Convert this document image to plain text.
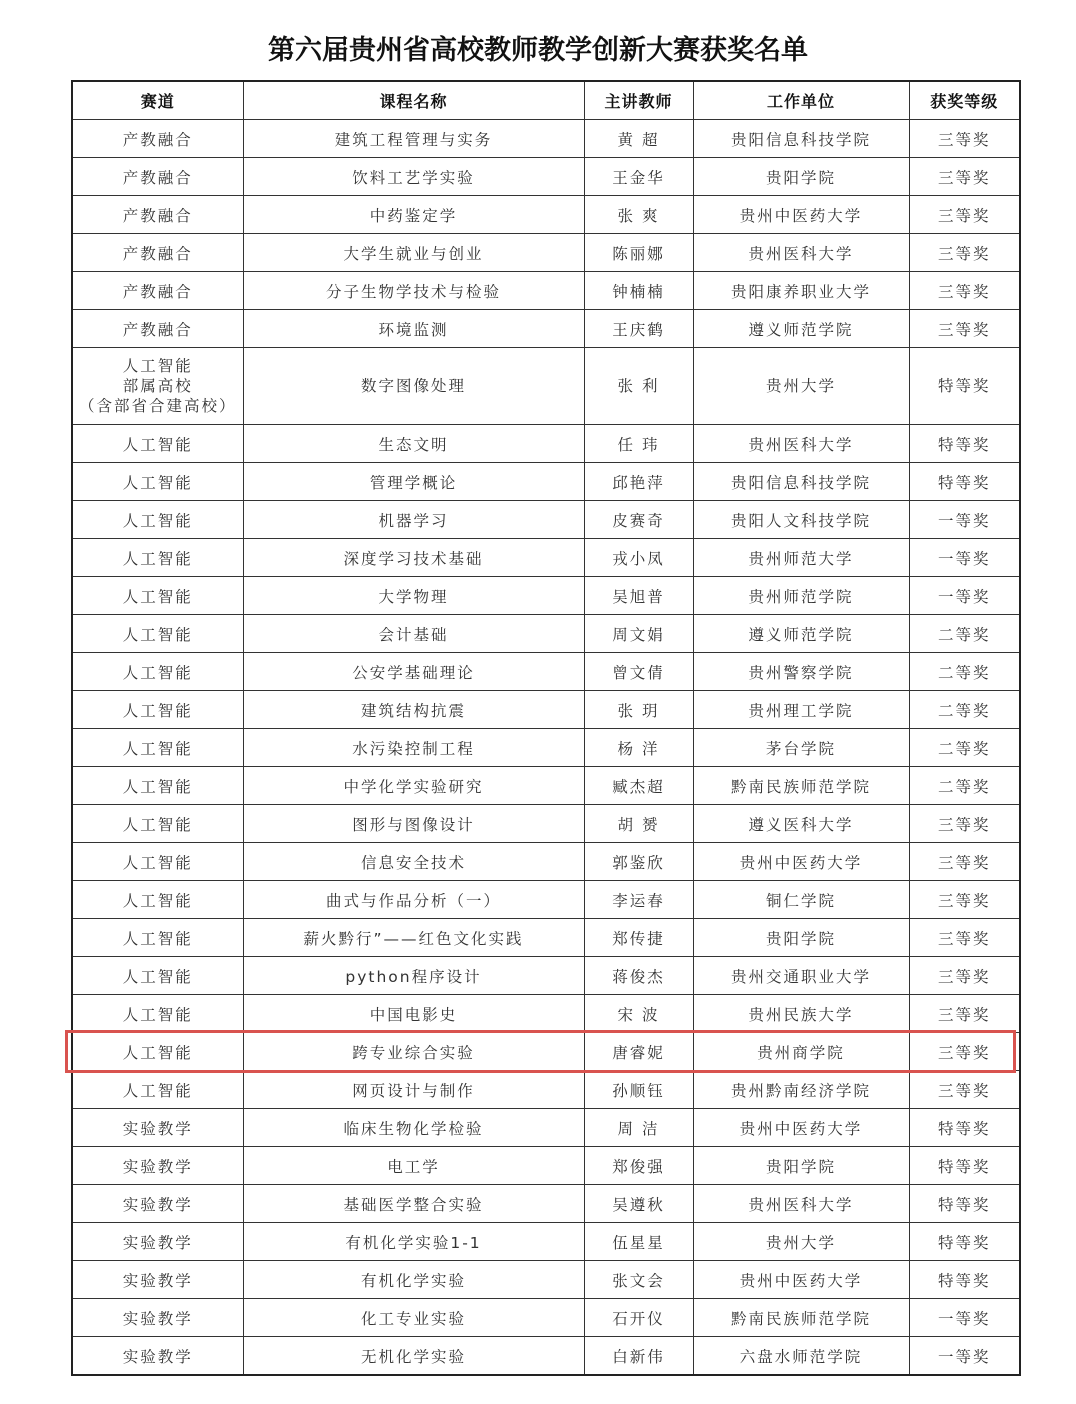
第六届贵州省高校教师教学创新大赛获奖名单
赛道	课程名称	主讲教师	工作单位	获奖等级
产教融合	建筑工程管理与实务	黄 超	贵阳信息科技学院	三等奖
产教融合	饮料工艺学实验	王金华	贵阳学院	三等奖
产教融合	中药鉴定学	张 爽	贵州中医药大学	三等奖
产教融合	大学生就业与创业	陈丽娜	贵州医科大学	三等奖
产教融合	分子生物学技术与检验	钟楠楠	贵阳康养职业大学	三等奖
产教融合	环境监测	王庆鹤	遵义师范学院	三等奖

人工智能
部属高校
（含部省合建高校）	数字图像处理	张 利	贵州大学	特等奖
人工智能	生态文明	任 玮	贵州医科大学	特等奖
人工智能	管理学概论	邱艳萍	贵阳信息科技学院	特等奖
人工智能	机器学习	皮赛奇	贵阳人文科技学院	一等奖
人工智能	深度学习技术基础	戎小凤	贵州师范大学	一等奖
人工智能	大学物理	吴旭普	贵州师范学院	一等奖
人工智能	会计基础	周文娟	遵义师范学院	二等奖
人工智能	公安学基础理论	曾文倩	贵州警察学院	二等奖
人工智能	建筑结构抗震	张 玥	贵州理工学院	二等奖
人工智能	水污染控制工程	杨 洋	茅台学院	二等奖
人工智能	中学化学实验研究	臧杰超	黔南民族师范学院	二等奖
人工智能	图形与图像设计	胡 赟	遵义医科大学	三等奖
人工智能	信息安全技术	郭鉴欣	贵州中医药大学	三等奖
人工智能	曲式与作品分析（一）	李运春	铜仁学院	三等奖
人工智能	薪火黔行”——红色文化实践	郑传捷	贵阳学院	三等奖
人工智能	python程序设计	蒋俊杰	贵州交通职业大学	三等奖
人工智能	中国电影史	宋 波	贵州民族大学	三等奖
人工智能	跨专业综合实验	唐睿妮	贵州商学院	三等奖
人工智能	网页设计与制作	孙顺钰	贵州黔南经济学院	三等奖
实验教学	临床生物化学检验	周 洁	贵州中医药大学	特等奖
实验教学	电工学	郑俊强	贵阳学院	特等奖
实验教学	基础医学整合实验	吴遵秋	贵州医科大学	特等奖
实验教学	有机化学实验1-1	伍星星	贵州大学	特等奖
实验教学	有机化学实验	张文会	贵州中医药大学	特等奖
实验教学	化工专业实验	石开仪	黔南民族师范学院	一等奖
实验教学	无机化学实验	白新伟	六盘水师范学院	一等奖
